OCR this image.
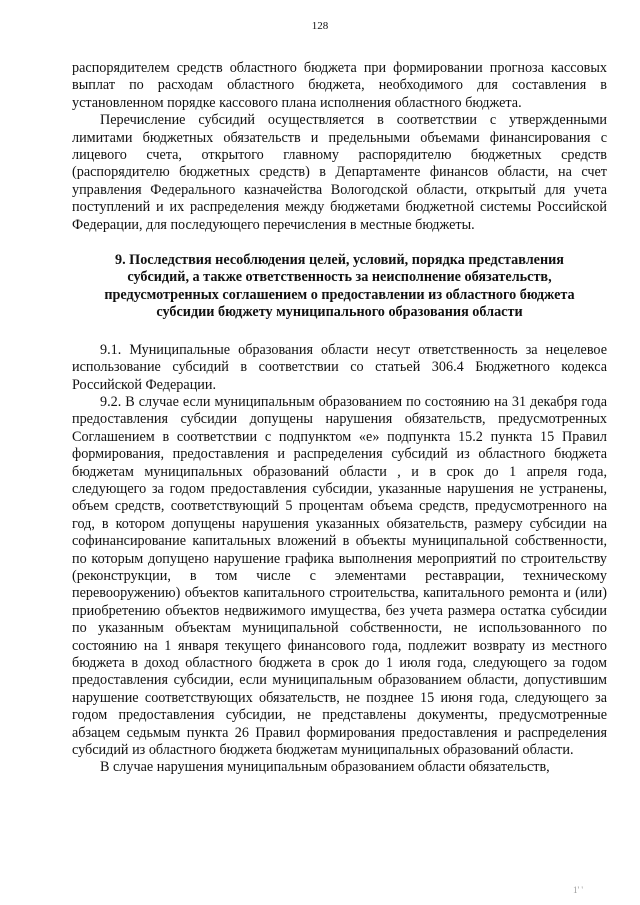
128

распорядителем средств областного бюджета при формировании прогноза кассовых выплат по расходам областного бюджета, необходимого для составления в установленном порядке кассового плана исполнения областного бюджета.

Перечисление субсидий осуществляется в соответствии с утвержденными лимитами бюджетных обязательств и предельными объемами финансирования с лицевого счета, открытого главному распорядителю бюджетных средств (распорядителю бюджетных средств) в Департаменте финансов области, на счет управления Федерального казначейства Вологодской области, открытый для учета поступлений и их распределения между бюджетами бюджетной системы Российской Федерации, для последующего перечисления в местные бюджеты.

9. Последствия несоблюдения целей, условий, порядка представления субсидий, а также ответственность за неисполнение обязательств, предусмотренных соглашением о предоставлении из областного бюджета субсидии бюджету муниципального образования области

9.1. Муниципальные образования области несут ответственность за нецелевое использование субсидий в соответствии со статьей 306.4 Бюджетного кодекса Российской Федерации.

9.2. В случае если муниципальным образованием по состоянию на 31 декабря года предоставления субсидии допущены нарушения обязательств, предусмотренных Соглашением в соответствии с подпунктом «е» подпункта 15.2 пункта 15 Правил формирования, предоставления и распределения субсидий из областного бюджета бюджетам муниципальных образований области , и в срок до 1 апреля года, следующего за годом предоставления субсидии, указанные нарушения не устранены, объем средств, соответствующий 5 процентам объема средств, предусмотренного на год, в котором допущены нарушения указанных обязательств, размеру субсидии на софинансирование капитальных вложений в объекты муниципальной собственности, по которым допущено нарушение графика выполнения мероприятий по строительству (реконструкции, в том числе с элементами реставрации, техническому перевооружению) объектов капитального строительства, капитального ремонта и (или) приобретению объектов недвижимого имущества, без учета размера остатка субсидии по указанным объектам муниципальной собственности, не использованного по состоянию на 1 января текущего финансового года, подлежит возврату из местного бюджета в доход областного бюджета в срок до 1 июля года, следующего за годом предоставления субсидии, если муниципальным образованием области, допустившим нарушение соответствующих обязательств, не позднее 15 июня года, следующего за годом предоставления субсидии, не представлены документы, предусмотренные абзацем седьмым пункта 26 Правил формирования предоставления и распределения субсидий из областного бюджета бюджетам муниципальных образований области.

В случае нарушения муниципальным образованием области обязательств,

1' '
